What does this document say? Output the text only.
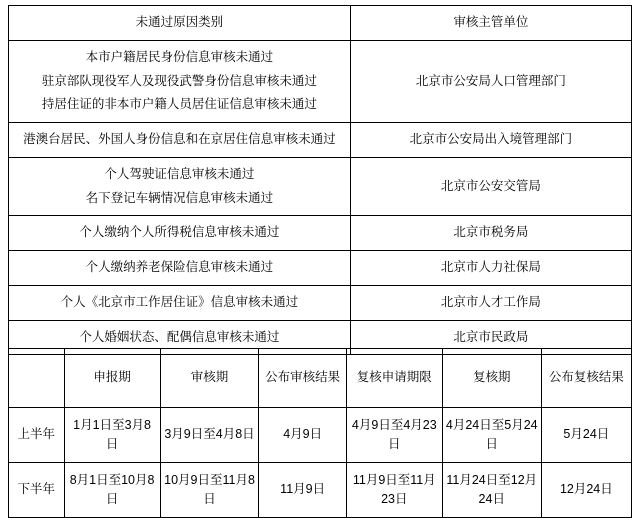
未通过原因类别	审核主管单位

本市户籍居民身份信息审核未通过
驻京部队现役军人及现役武警身份信息审核未通过
持居住证的非本市户籍人员居住证信息审核未通过	北京市公安局人口管理部门

港澳台居民、外国人身份信息和在京居住信息审核未通过	北京市公安局出入境管理部门

个人驾驶证信息审核未通过
名下登记车辆情况信息审核未通过	北京市公安交管局

个人缴纳个人所得税信息审核未通过	北京市税务局

个人缴纳养老保险信息审核未通过	北京市人力社保局

个人《北京市工作居住证》信息审核未通过	北京市人才工作局

个人婚姻状态、配偶信息审核未通过	北京市民政局
	申报期	审核期	公布审核结果	复核申请期限	复核期	公布复核结果
上半年	1月1日至3月8日	3月9日至4月8日	4月9日	4月9日至4月23日	4月24日至5月24日	5月24日
下半年	8月1日至10月8日	10月9日至11月8日	11月9日	11月9日至11月23日	11月24日至12月24日	12月24日
